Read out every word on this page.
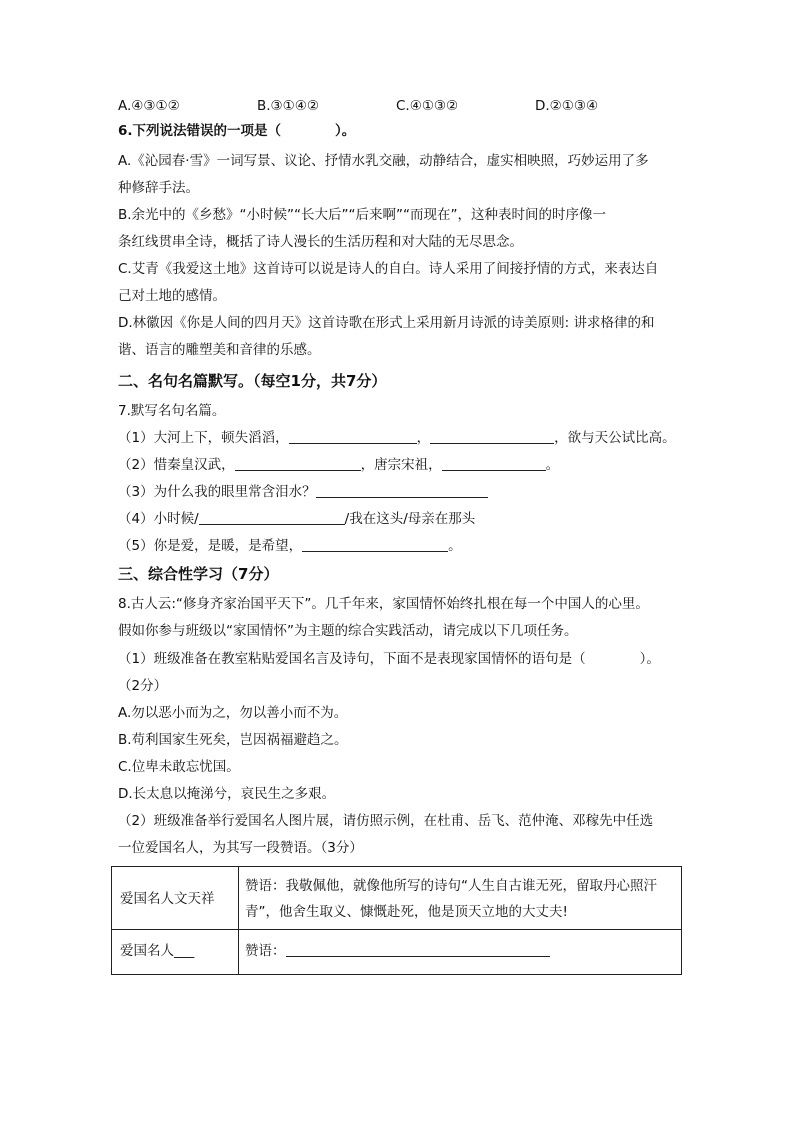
A.④③①②	B.③①④②	C.④①③②	D.②①③④
6.下列说法错误的一项是（　　　　）。
A.《沁园春·雪》一词写景、议论、抒情水乳交融，动静结合，虚实相映照，巧妙运用了多
种修辞手法。
B.余光中的《乡愁》“小时候”“长大后”“后来啊”“而现在”，这种表时间的时序像一
条红线贯串全诗，概括了诗人漫长的生活历程和对大陆的无尽思念。
C.艾青《我爱这土地》这首诗可以说是诗人的自白。诗人采用了间接抒情的方式，来表达自
己对土地的感情。
D.林徽因《你是人间的四月天》这首诗歌在形式上采用新月诗派的诗美原则: 讲求格律的和
谐、语言的雕塑美和音律的乐感。
二、名句名篇默写。（每空1分，共7分）
7.默写名句名篇。
（1）大河上下，顿失滔滔，	，	，欲与天公试比高。
（2）惜秦皇汉武，	，唐宗宋祖，	。
（3）为什么我的眼里常含泪水？
（4）小时候/	/我在这头/母亲在那头
（5）你是爱，是暖，是希望，	。
三、综合性学习（7分）
8.古人云:“修身齐家治国平天下”。几千年来，家国情怀始终扎根在每一个中国人的心里。
假如你参与班级以“家国情怀”为主题的综合实践活动，请完成以下几项任务。
（1）班级准备在教室粘贴爱国名言及诗句，下面不是表现家国情怀的语句是（　　　　）。
（2分）
A.勿以恶小而为之，勿以善小而不为。
B.苟利国家生死矣，岂因祸福避趋之。
C.位卑未敢忘忧国。
D.长太息以掩涕兮，哀民生之多艰。
（2）班级准备举行爱国名人图片展，请仿照示例，在杜甫、岳飞、范仲淹、邓稼先中任选
一位爱国名人，为其写一段赞语。（3分）
爱国名人文天祥	赞语：我敬佩他，就像他所写的诗句“人生自古谁无死，留取丹心照汗
青”，他舍生取义、慷慨赴死，他是顶天立地的大丈夫!

爱国名人___	赞语：
